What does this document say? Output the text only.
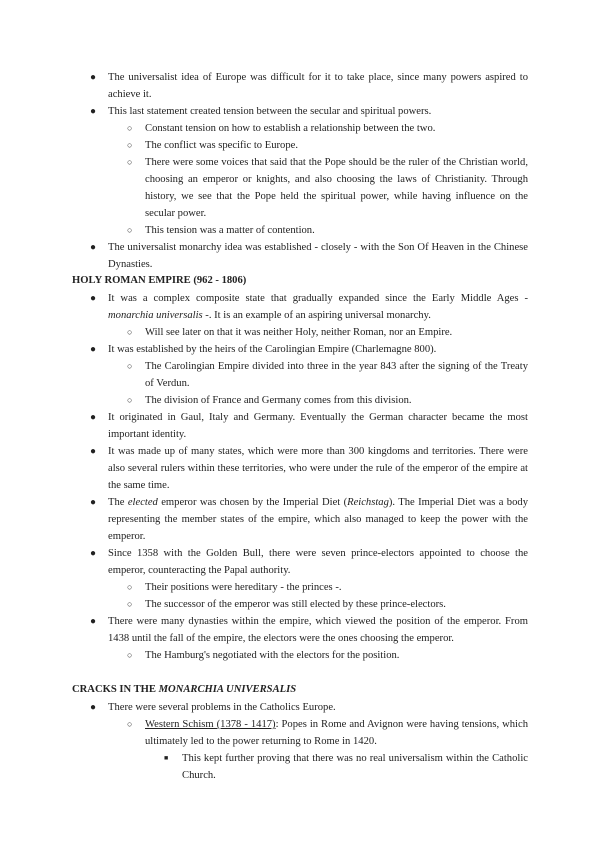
● The universalist idea of Europe was difficult for it to take place, since many powers aspired to achieve it.
● This last statement created tension between the secular and spiritual powers.
○ Constant tension on how to establish a relationship between the two.
○ The conflict was specific to Europe.
○ There were some voices that said that the Pope should be the ruler of the Christian world, choosing an emperor or knights, and also choosing the laws of Christianity. Through history, we see that the Pope held the spiritual power, while having influence on the secular power.
○ This tension was a matter of contention.
● The universalist monarchy idea was established - closely - with the Son Of Heaven in the Chinese Dynasties.
HOLY ROMAN EMPIRE (962 - 1806)
● It was a complex composite state that gradually expanded since the Early Middle Ages - monarchia universalis -. It is an example of an aspiring universal monarchy.
○ Will see later on that it was neither Holy, neither Roman, nor an Empire.
● It was established by the heirs of the Carolingian Empire (Charlemagne 800).
○ The Carolingian Empire divided into three in the year 843 after the signing of the Treaty of Verdun.
○ The division of France and Germany comes from this division.
● It originated in Gaul, Italy and Germany. Eventually the German character became the most important identity.
● It was made up of many states, which were more than 300 kingdoms and territories. There were also several rulers within these territories, who were under the rule of the emperor of the empire at the same time.
● The elected emperor was chosen by the Imperial Diet (Reichstag). The Imperial Diet was a body representing the member states of the empire, which also managed to keep the power with the emperor.
● Since 1358 with the Golden Bull, there were seven prince-electors appointed to choose the emperor, counteracting the Papal authority.
○ Their positions were hereditary - the princes -.
○ The successor of the emperor was still elected by these prince-electors.
● There were many dynasties within the empire, which viewed the position of the emperor. From 1438 until the fall of the empire, the electors were the ones choosing the emperor.
○ The Hamburg's negotiated with the electors for the position.
CRACKS IN THE MONARCHIA UNIVERSALIS
● There were several problems in the Catholics Europe.
○ Western Schism (1378 - 1417): Popes in Rome and Avignon were having tensions, which ultimately led to the power returning to Rome in 1420.
■ This kept further proving that there was no real universalism within the Catholic Church.
